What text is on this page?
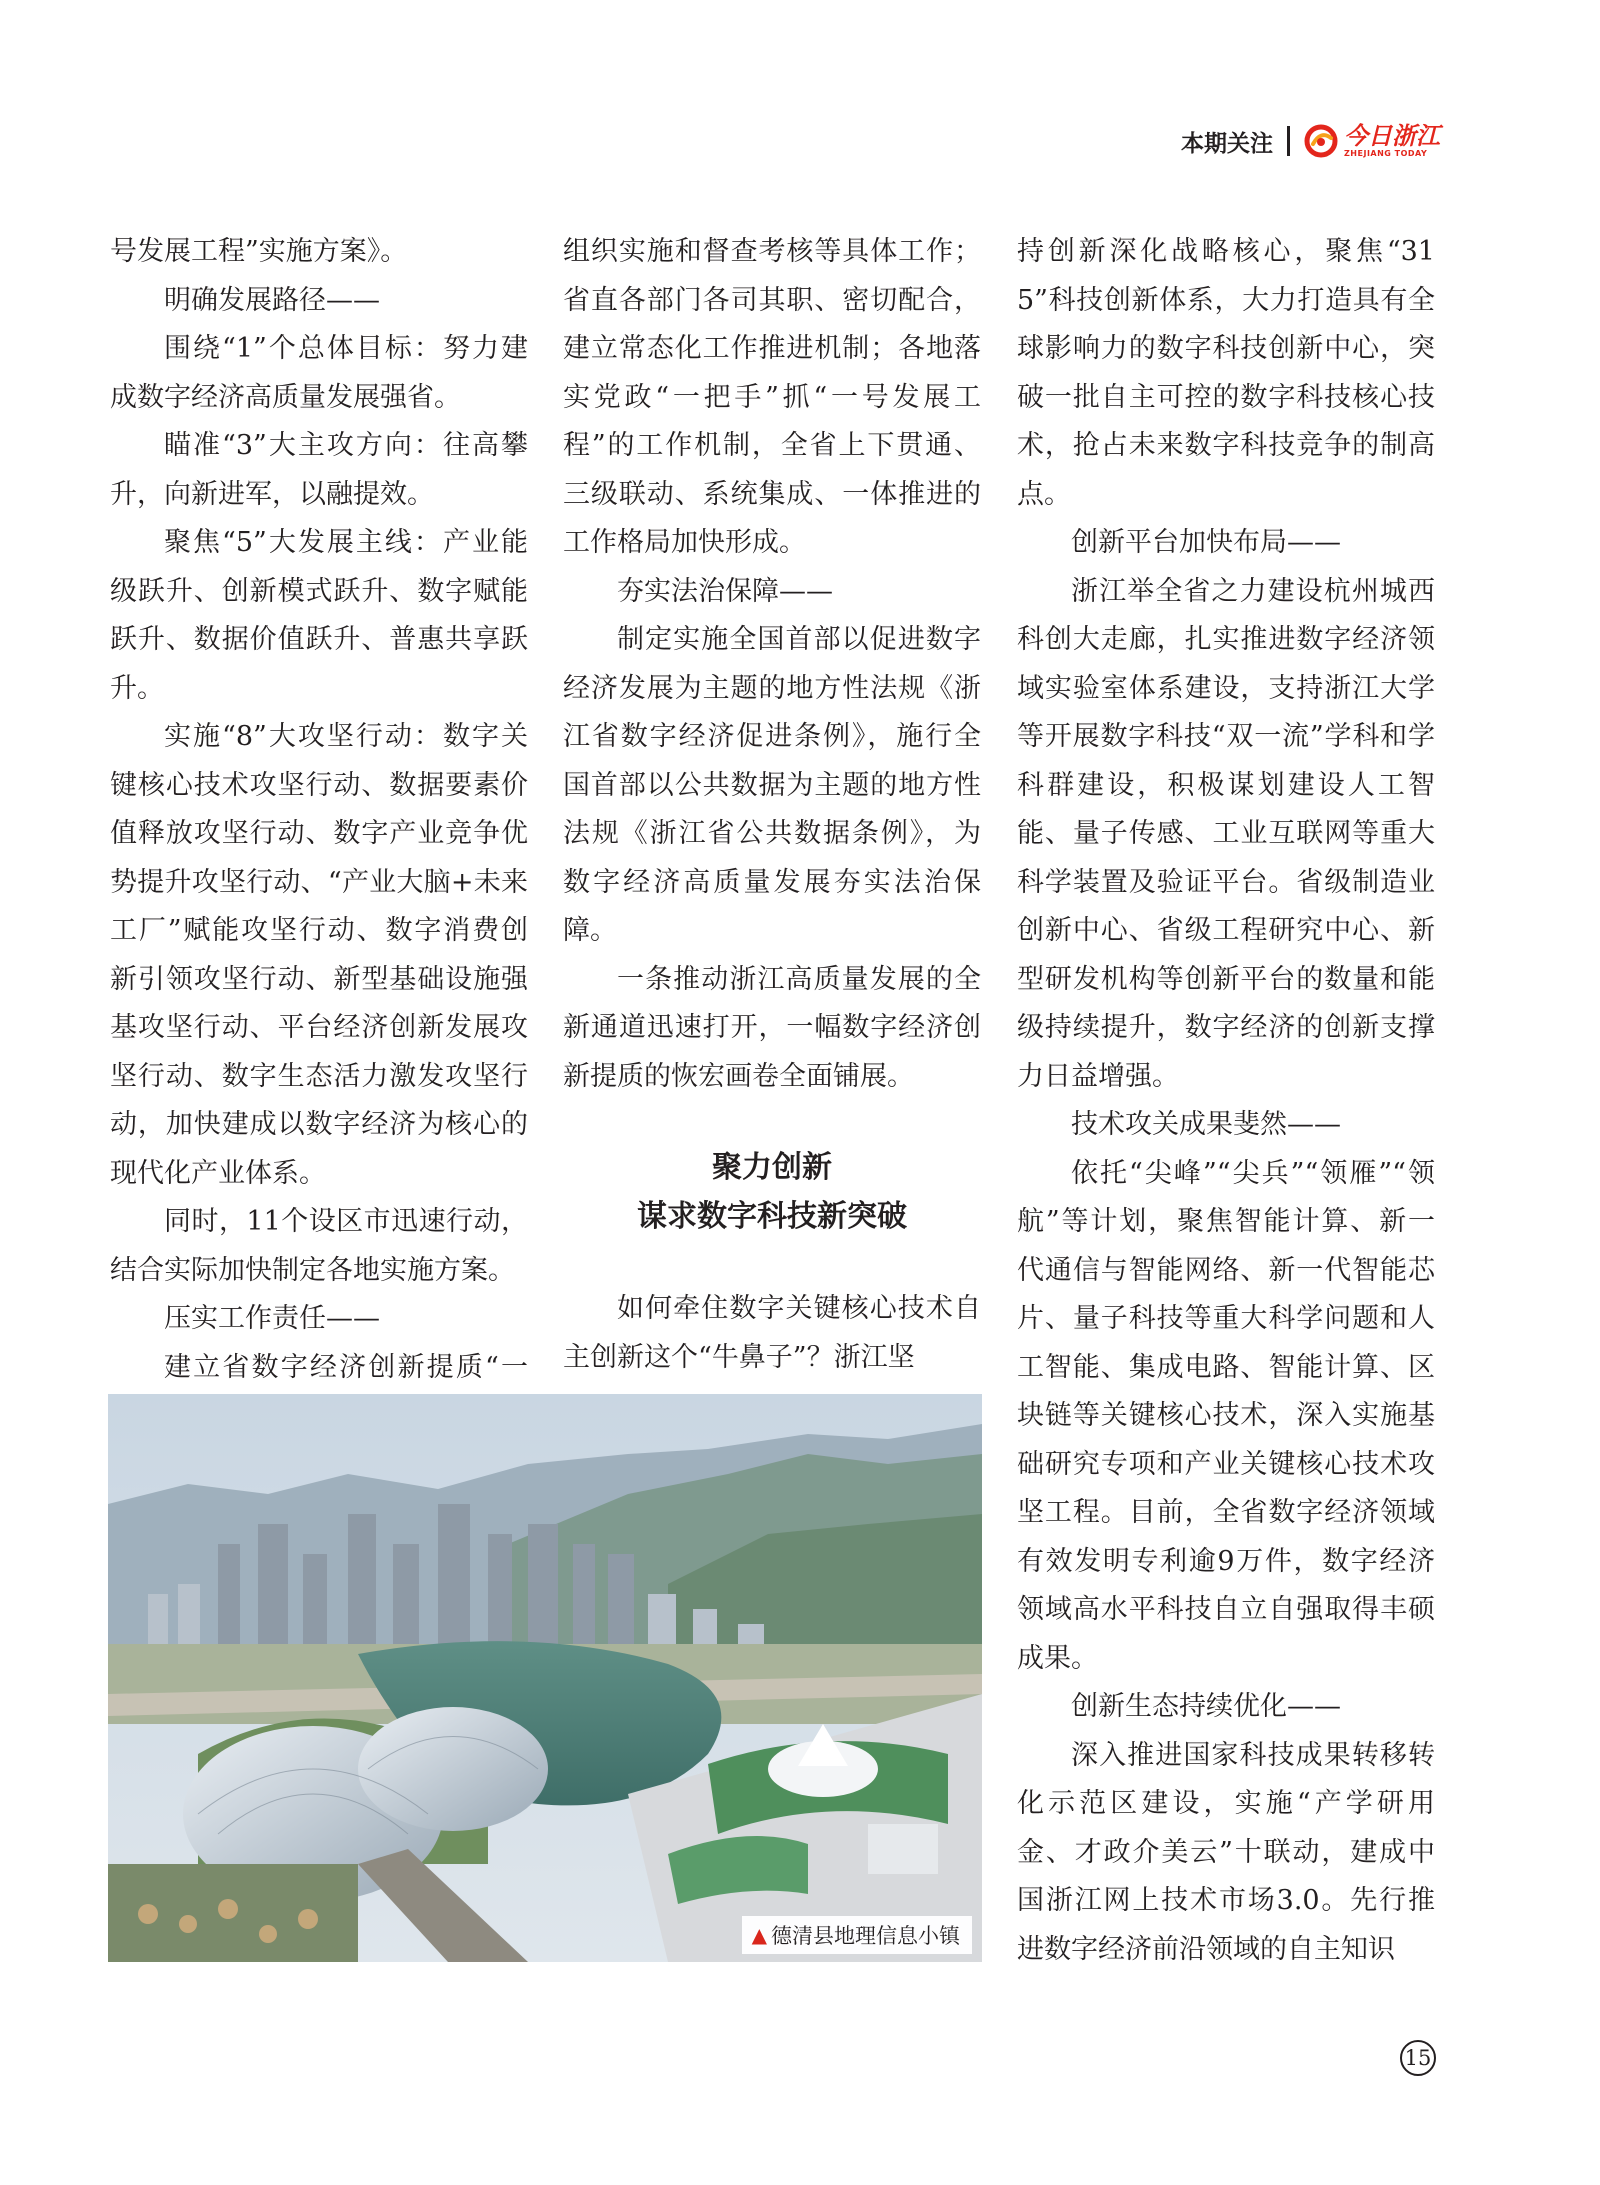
本期关注	今日浙江
ZHEJIANG TODAY

号发展工程”实施方案》。

明确发展路径——

围绕“1”个总体目标：努力建成数字经济高质量发展强省。

瞄准“3”大主攻方向：往高攀升，向新进军，以融提效。

聚焦“5”大发展主线：产业能级跃升、创新模式跃升、数字赋能跃升、数据价值跃升、普惠共享跃升。

实施“8”大攻坚行动：数字关键核心技术攻坚行动、数据要素价值释放攻坚行动、数字产业竞争优势提升攻坚行动、“产业大脑+未来工厂”赋能攻坚行动、数字消费创新引领攻坚行动、新型基础设施强基攻坚行动、平台经济创新发展攻坚行动、数字生态活力激发攻坚行动，加快建成以数字经济为核心的现代化产业体系。

同时，11个设区市迅速行动，结合实际加快制定各地实施方案。

压实工作责任——

建立省数字经济创新提质“一

组织实施和督查考核等具体工作；省直各部门各司其职、密切配合，建立常态化工作推进机制；各地落实党政“一把手”抓“一号发展工程”的工作机制，全省上下贯通、三级联动、系统集成、一体推进的工作格局加快形成。

夯实法治保障——

制定实施全国首部以促进数字经济发展为主题的地方性法规《浙江省数字经济促进条例》，施行全国首部以公共数据为主题的地方性法规《浙江省公共数据条例》，为数字经济高质量发展夯实法治保障。

一条推动浙江高质量发展的全新通道迅速打开，一幅数字经济创新提质的恢宏画卷全面铺展。

聚力创新
谋求数字科技新突破

如何牵住数字关键核心技术自主创新这个“牛鼻子”？浙江坚

持创新深化战略核心，聚焦“315”科技创新体系，大力打造具有全球影响力的数字科技创新中心，突破一批自主可控的数字科技核心技术，抢占未来数字科技竞争的制高点。

创新平台加快布局——

浙江举全省之力建设杭州城西科创大走廊，扎实推进数字经济领域实验室体系建设，支持浙江大学等开展数字科技“双一流”学科和学科群建设，积极谋划建设人工智能、量子传感、工业互联网等重大科学装置及验证平台。省级制造业创新中心、省级工程研究中心、新型研发机构等创新平台的数量和能级持续提升，数字经济的创新支撑力日益增强。

技术攻关成果斐然——

依托“尖峰”“尖兵”“领雁”“领航”等计划，聚焦智能计算、新一代通信与智能网络、新一代智能芯片、量子科技等重大科学问题和人工智能、集成电路、智能计算、区块链等关键核心技术，深入实施基础研究专项和产业关键核心技术攻坚工程。目前，全省数字经济领域有效发明专利逾9万件，数字经济领域高水平科技自立自强取得丰硕成果。

创新生态持续优化——

深入推进国家科技成果转移转化示范区建设，实施“产学研用金、才政介美云”十联动，建成中国浙江网上技术市场3.0。先行推进数字经济前沿领域的自主知识

▲ 德清县地理信息小镇
15
